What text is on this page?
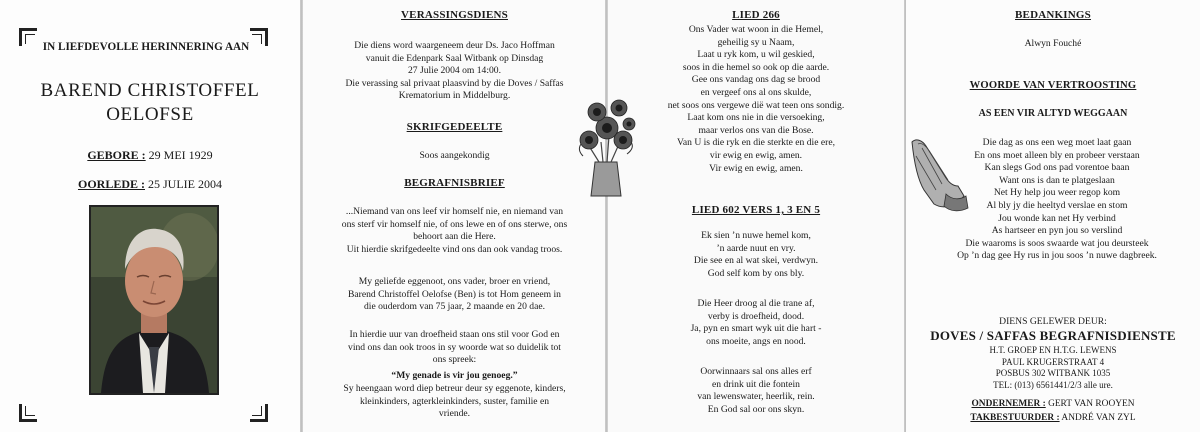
IN LIEFDEVOLLE HERINNERING AAN
BAREND CHRISTOFFEL
OELOFSE
GEBORE : 29 MEI 1929
OORLEDE : 25 JULIE 2004
VERASSINGSDIENS
Die diens word waargeneem deur Ds. Jaco Hoffman
vanuit die Edenpark Saal Witbank op Dinsdag
27 Julie 2004 om 14:00.
Die verassing sal privaat plaasvind by die Doves / Saffas
Krematorium in Middelburg.
SKRIFGEDEELTE
Soos aangekondig
BEGRAFNISBRIEF
...Niemand van ons leef vir homself nie, en niemand van
ons sterf vir homself nie, of ons lewe en of ons sterwe, ons
behoort aan die Here.
Uit hierdie skrifgedeelte vind ons dan ook vandag troos.
My geliefde eggenoot, ons vader, broer en vriend,
Barend Christoffel Oelofse (Ben) is tot Hom geneem in
die ouderdom van 75 jaar, 2 maande en 20 dae.
In hierdie uur van droefheid staan ons stil voor God en
vind ons dan ook troos in sy woorde wat so duidelik tot
ons spreek:
“My genade is vir jou genoeg.”
Sy heengaan word diep betreur deur sy eggenote, kinders,
kleinkinders, agterkleinkinders, suster, familie en
vriende.
LIED 266
Ons Vader wat woon in die Hemel,
geheilig sy u Naam,
Laat u ryk kom, u wil geskied,
soos in die hemel so ook op die aarde.
Gee ons vandag ons dag se brood
en vergeef ons al ons skulde,
net soos ons vergewe dië wat teen ons sondig.
Laat kom ons nie in die versoeking,
maar verlos ons van die Bose.
Van U is die ryk en die sterkte en die ere,
vir ewig en ewig, amen.
Vir ewig en ewig, amen.
LIED 602 VERS 1, 3 EN 5
Ek sien ’n nuwe hemel kom,
’n aarde nuut en vry.
Die see en al wat skei, verdwyn.
God self kom by ons bly.
Die Heer droog al die trane af,
verby is droefheid, dood.
Ja, pyn en smart wyk uit die hart -
ons moeite, angs en nood.
Oorwinnaars sal ons alles erf
en drink uit die fontein
van lewenswater, heerlik, rein.
En God sal oor ons skyn.
BEDANKINGS
Alwyn Fouché
WOORDE VAN VERTROOSTING
AS EEN VIR ALTYD WEGGAAN
Die dag as ons een weg moet laat gaan
En ons moet alleen bly en probeer verstaan
Kan slegs God ons pad vorentoe baan
Want ons is dan te platgeslaan
Net Hy help jou weer regop kom
Al bly jy die heeltyd verslae en stom
Jou wonde kan net Hy verbind
As hartseer en pyn jou so verslind
Die waaroms is soos swaarde wat jou deursteek
Op ’n dag gee Hy rus in jou soos ’n nuwe dagbreek.
DIENS GELEWER DEUR:
DOVES / SAFFAS BEGRAFNISDIENSTE
H.T. GROEP EN H.T.G. LEWENS
PAUL KRUGERSTRAAT 4
POSBUS 302 WITBANK 1035
TEL: (013) 6561441/2/3 alle ure.
ONDERNEMER : GERT VAN ROOYEN
TAKBESTUURDER : ANDRÉ VAN ZYL
